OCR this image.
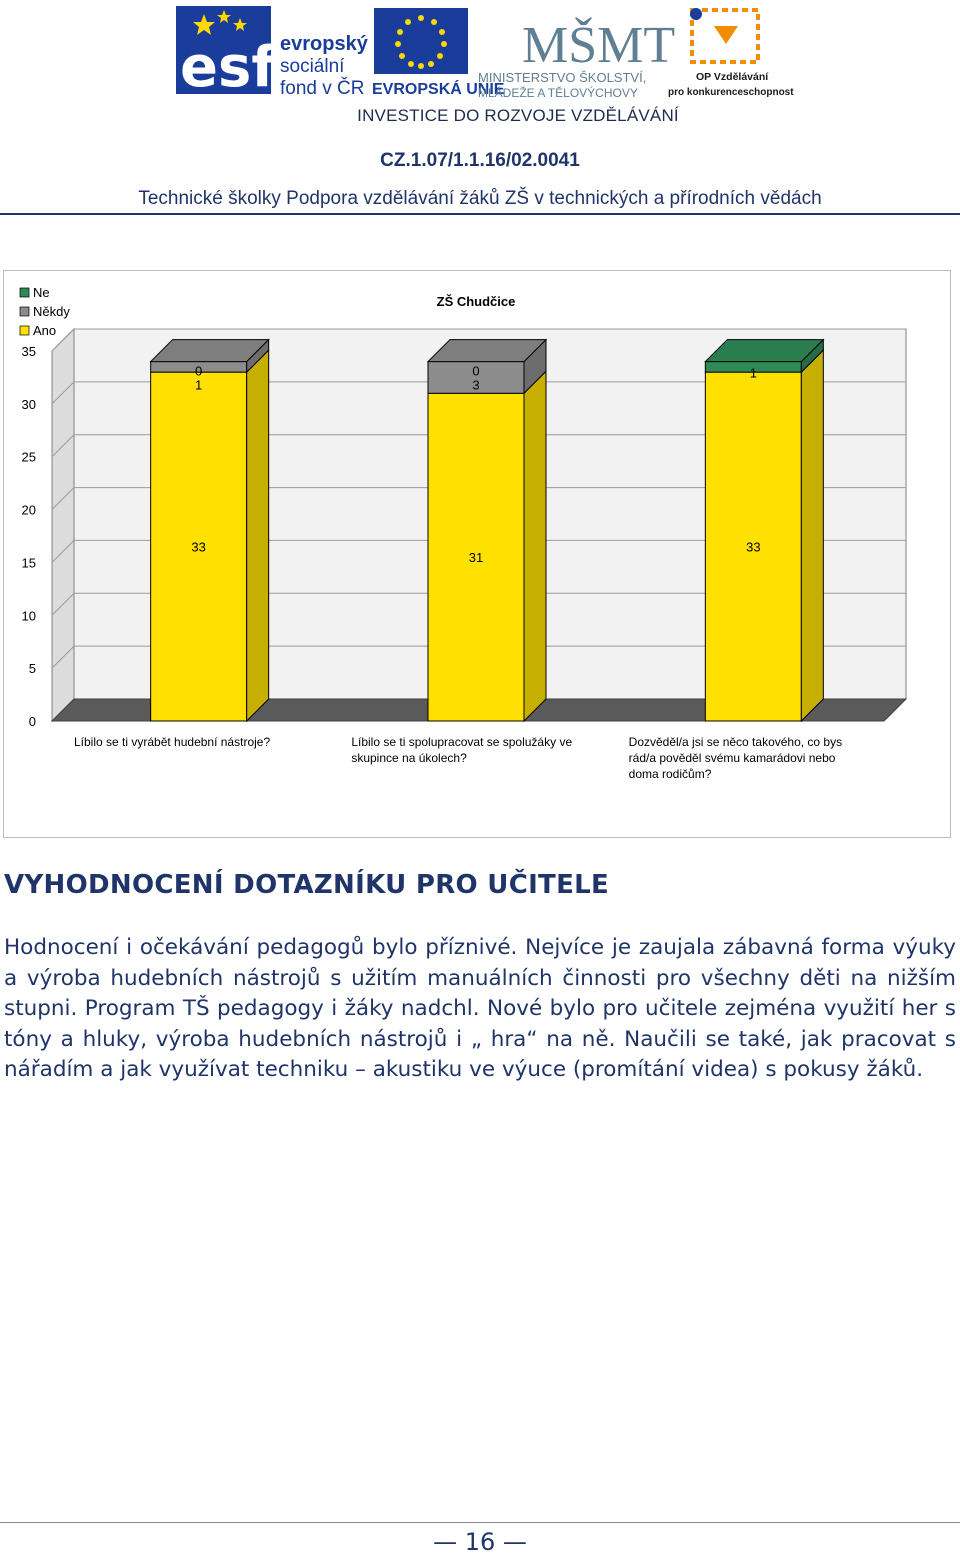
esf evropský
sociální
fond v ČR EVROPSKÁ UNIE
MŠMT
MINISTERSTVO ŠKOLSTVÍ,
MLÁDEŽE A TĚLOVÝCHOVY
OP Vzdělávání
pro konkurenceschopnost
INVESTICE DO ROZVOJE VZDĚLÁVÁNÍ
CZ.1.07/1.1.16/02.0041
Technické školky Podpora vzdělávání žáků ZŠ v technických a přírodních vědách
0
5
10
15
20
25
30
35
33
0
1
Líbilo se ti vyrábět hudební nástroje?
31
0
3
Líbilo se ti spolupracovat se spolužáky ve
skupince na úkolech?
33
1
Dozvěděl/a jsi se něco takového, co bys
rád/a pověděl svému kamarádovi nebo
doma rodičům?
ZŠ Chudčice
Ne
Někdy
Ano
VYHODNOCENÍ DOTAZNÍKU PRO UČITELE
Hodnocení i očekávání pedagogů bylo příznivé. Nejvíce je zaujala zábavná forma výuky a výroba hudebních nástrojů s užitím manuálních činnosti pro všechny děti na nižším stupni. Program TŠ pedagogy i žáky nadchl. Nové bylo pro učitele zejména využití her s tóny a hluky, výroba hudebních nástrojů i „ hra“ na ně. Naučili se také, jak pracovat s nářadím a jak využívat techniku – akustiku ve výuce (promítání videa) s pokusy žáků.
— 16 —
